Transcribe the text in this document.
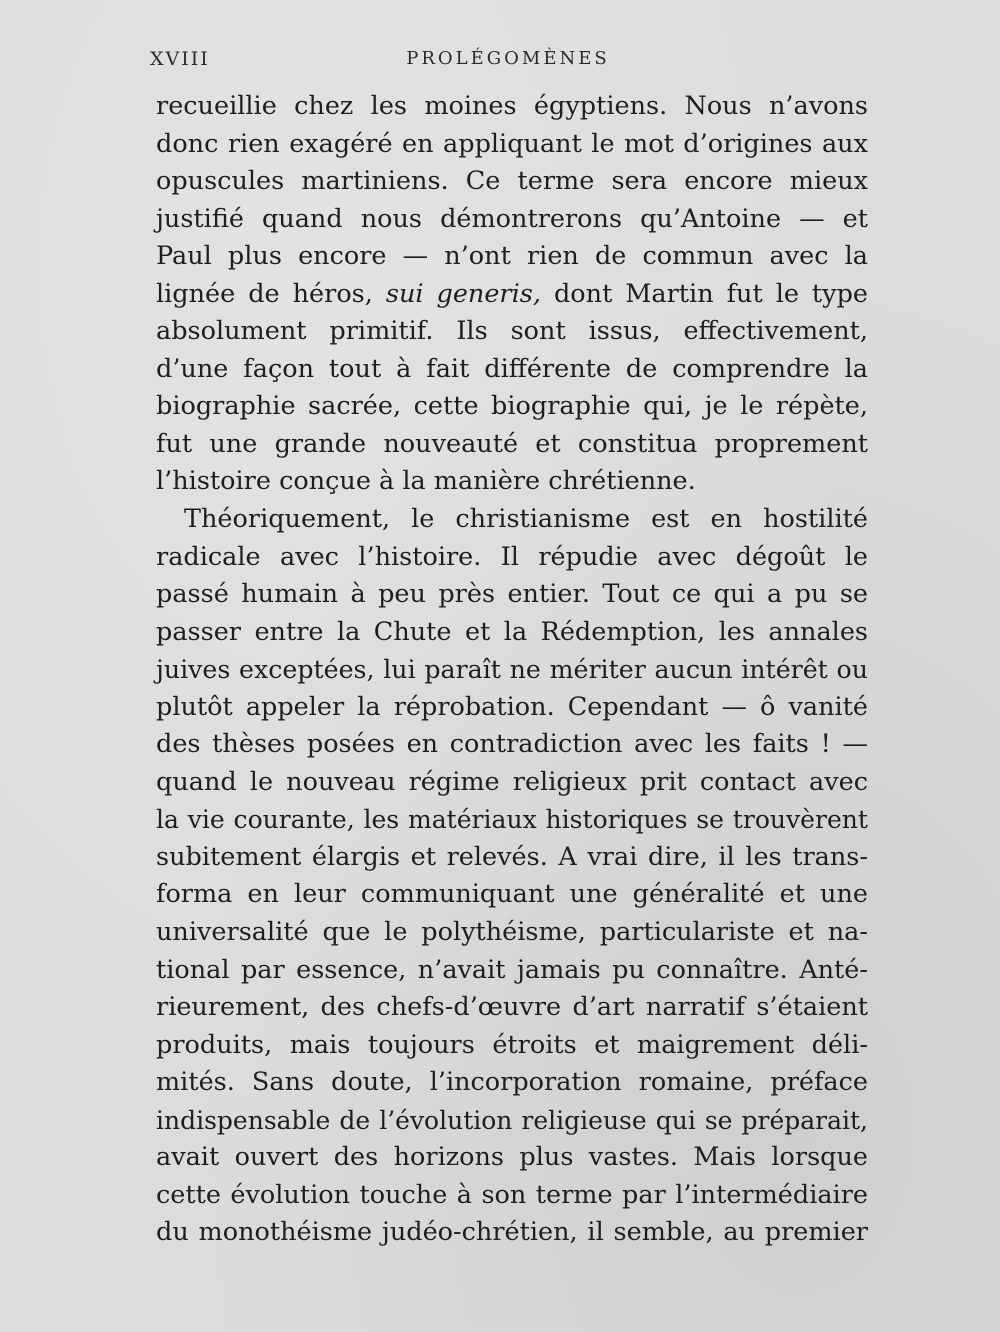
XVIII	PROLÉGOMÈNES
recueillie chez les moines égyptiens. Nous n’avons
donc rien exagéré en appliquant le mot d’origines aux
opuscules martiniens. Ce terme sera encore mieux
justifié quand nous démontrerons qu’Antoine — et
Paul plus encore — n’ont rien de commun avec la
lignée de héros, sui generis, dont Martin fut le type
absolument primitif. Ils sont issus, effectivement,
d’une façon tout à fait différente de comprendre la
biographie sacrée, cette biographie qui, je le répète,
fut une grande nouveauté et constitua proprement
l’histoire conçue à la manière chrétienne.
Théoriquement, le christianisme est en hostilité
radicale avec l’histoire. Il répudie avec dégoût le
passé humain à peu près entier. Tout ce qui a pu se
passer entre la Chute et la Rédemption, les annales
juives exceptées, lui paraît ne mériter aucun intérêt ou
plutôt appeler la réprobation. Cependant — ô vanité
des thèses posées en contradiction avec les faits ! —
quand le nouveau régime religieux prit contact avec
la vie courante, les matériaux historiques se trouvèrent
subitement élargis et relevés. A vrai dire, il les trans-
forma en leur communiquant une généralité et une
universalité que le polythéisme, particulariste et na-
tional par essence, n’avait jamais pu connaître. Anté-
rieurement, des chefs-d’œuvre d’art narratif s’étaient
produits, mais toujours étroits et maigrement déli-
mités. Sans doute, l’incorporation romaine, préface
indispensable de l’évolution religieuse qui se préparait,
avait ouvert des horizons plus vastes. Mais lorsque
cette évolution touche à son terme par l’intermédiaire
du monothéisme judéo-chrétien, il semble, au premier
